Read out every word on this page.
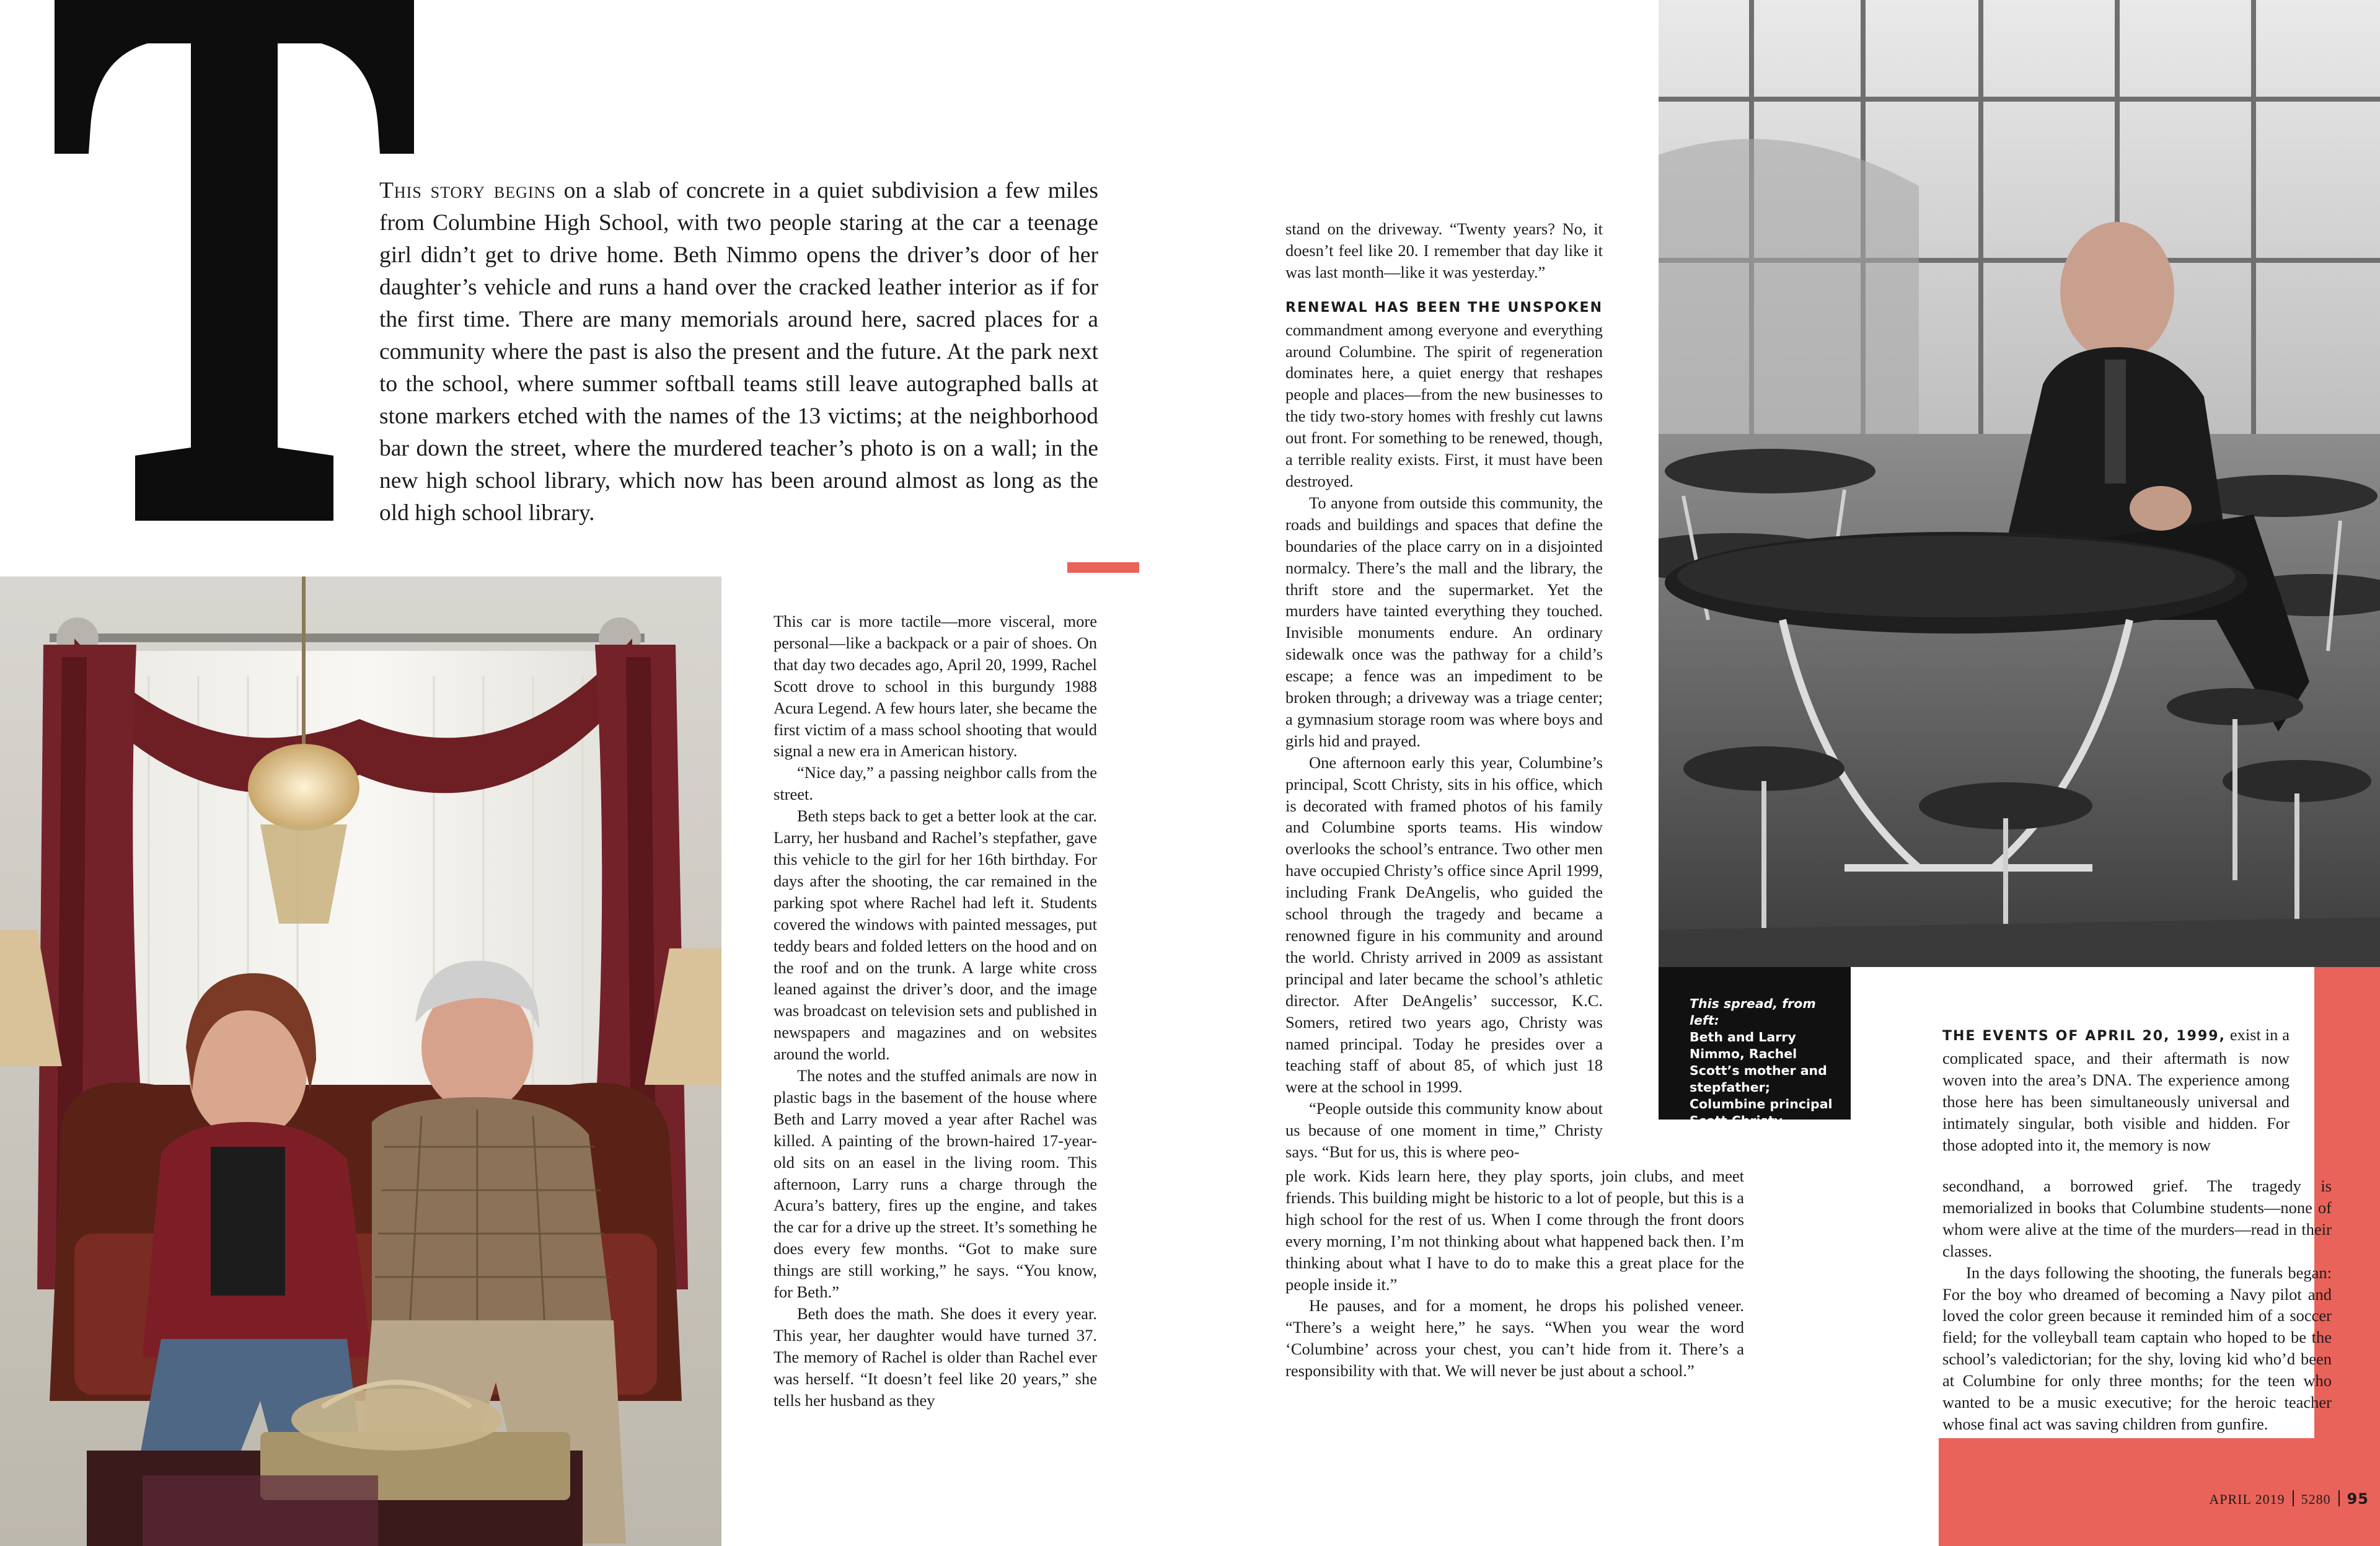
This story begins on a slab of concrete in a quiet subdivision a few miles from Columbine High School, with two people staring at the car a teenage girl didn’t get to drive home. Beth Nimmo opens the driver’s door of her daughter’s vehicle and runs a hand over the cracked leather interior as if for the first time. There are many memorials around here, sacred places for a community where the past is also the present and the future. At the park next to the school, where summer softball teams still leave autographed balls at stone markers etched with the names of the 13 victims; at the neighborhood bar down the street, where the murdered teacher’s photo is on a wall; in the new high school library, which now has been around almost as long as the old high school library.

This car is more tactile—more visceral, more personal—like a backpack or a pair of shoes. On that day two decades ago, April 20, 1999, Rachel Scott drove to school in this burgundy 1988 Acura Legend. A few hours later, she became the first victim of a mass school shooting that would signal a new era in American history.

“Nice day,” a passing neighbor calls from the street.

Beth steps back to get a better look at the car. Larry, her husband and Rachel’s stepfather, gave this vehicle to the girl for her 16th birthday. For days after the shooting, the car remained in the parking spot where Rachel had left it. Students covered the windows with painted messages, put teddy bears and folded letters on the hood and on the roof and on the trunk. A large white cross leaned against the driver’s door, and the image was broadcast on television sets and published in newspapers and magazines and on websites around the world.

The notes and the stuffed animals are now in plastic bags in the basement of the house where Beth and Larry moved a year after Rachel was killed. A painting of the brown-haired 17-year-old sits on an easel in the living room. This afternoon, Larry runs a charge through the Acura’s battery, fires up the engine, and takes the car for a drive up the street. It’s something he does every few months. “Got to make sure things are still working,” he says. “You know, for Beth.”

Beth does the math. She does it every year. This year, her daughter would have turned 37. The memory of Rachel is older than Rachel ever was herself. “It doesn’t feel like 20 years,” she tells her husband as they

stand on the driveway. “Twenty years? No, it doesn’t feel like 20. I remember that day like it was last month—like it was yesterday.”

RENEWAL HAS BEEN THE UNSPOKEN commandment among everyone and everything around Columbine. The spirit of regeneration dominates here, a quiet energy that reshapes people and places—from the new businesses to the tidy two-story homes with freshly cut lawns out front. For something to be renewed, though, a terrible reality exists. First, it must have been destroyed.

To anyone from outside this community, the roads and buildings and spaces that define the boundaries of the place carry on in a disjointed normalcy. There’s the mall and the library, the thrift store and the supermarket. Yet the murders have tainted everything they touched. Invisible monuments endure. An ordinary sidewalk once was the pathway for a child’s escape; a fence was an impediment to be broken through; a driveway was a triage center; a gymnasium storage room was where boys and girls hid and prayed.

One afternoon early this year, Columbine’s principal, Scott Christy, sits in his office, which is decorated with framed photos of his family and Columbine sports teams. His window overlooks the school’s entrance. Two other men have occupied Christy’s office since April 1999, including Frank DeAngelis, who guided the school through the tragedy and became a renowned figure in his community and around the world. Christy arrived in 2009 as assistant principal and later became the school’s athletic director. After DeAngelis’ successor, K.C. Somers, retired two years ago, Christy was named principal. Today he presides over a teaching staff of about 85, of which just 18 were at the school in 1999.

“People outside this community know about us because of one moment in time,” Christy says. “But for us, this is where peo-

ple work. Kids learn here, they play sports, join clubs, and meet friends. This building might be historic to a lot of people, but this is a high school for the rest of us. When I come through the front doors every morning, I’m not thinking about what happened back then. I’m thinking about what I have to do to make this a great place for the people inside it.”

He pauses, and for a moment, he drops his polished veneer. “There’s a weight here,” he says. “When you wear the word ‘Columbine’ across your chest, you can’t hide from it. There’s a responsibility with that. We will never be just about a school.”

This spread, from left:
Beth and Larry Nimmo, Rachel Scott’s mother and stepfather; Columbine principal Scott Christy

THE EVENTS OF APRIL 20, 1999, exist in a complicated space, and their aftermath is now woven into the area’s DNA. The experience among those here has been simultaneously universal and intimately singular, both visible and hidden. For those adopted into it, the memory is now

secondhand, a borrowed grief. The tragedy is memorialized in books that Columbine students—none of whom were alive at the time of the murders—read in their classes.

In the days following the shooting, the funerals began: For the boy who dreamed of becoming a Navy pilot and loved the color green because it reminded him of a soccer field; for the volleyball team captain who hoped to be the school’s valedictorian; for the shy, loving kid who’d been at Columbine for only three months; for the teen who wanted to be a music executive; for the heroic teacher whose final act was saving children from gunfire.

APRIL 2019 5280 95
